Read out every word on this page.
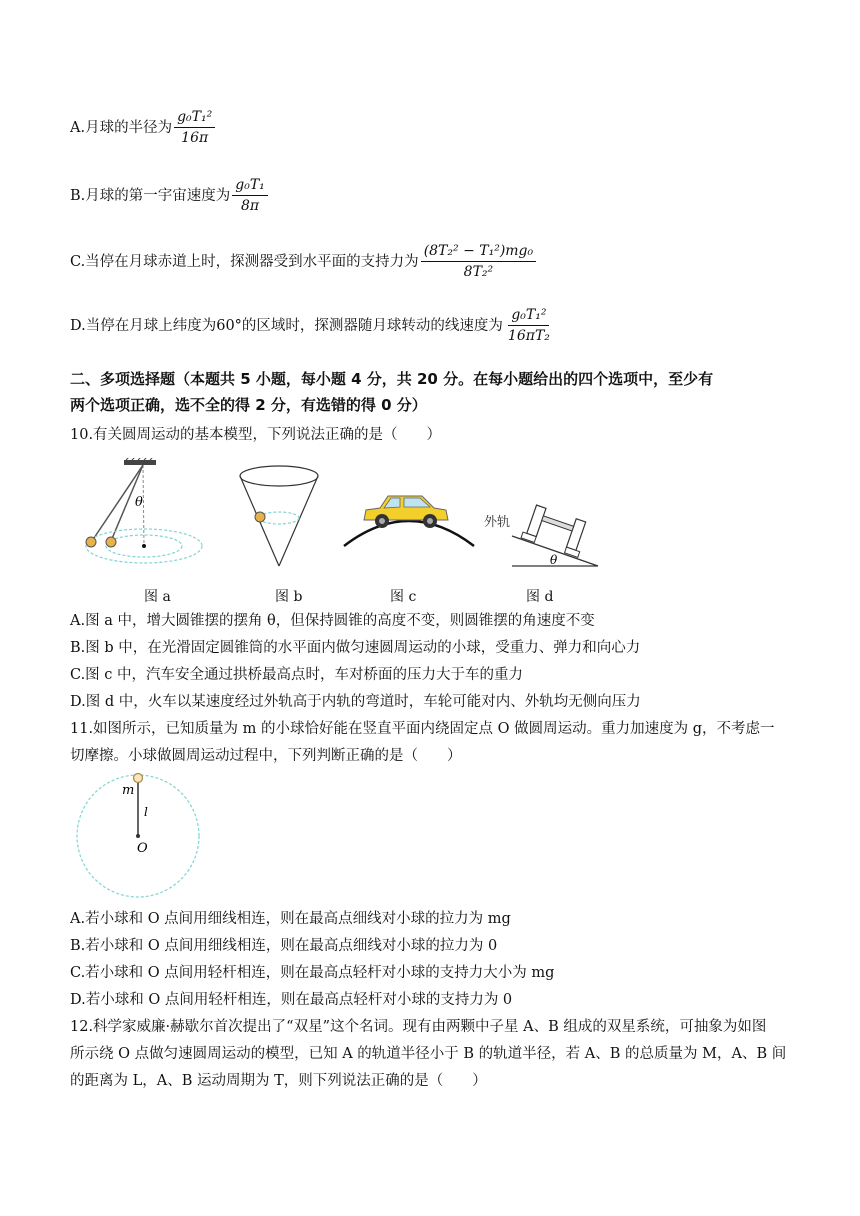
A.月球的半径为 $\frac{\text{g₀T₁²}}{16\pi}$
B.月球的第一宇宙速度为 $\frac{\text{g₀T₁}}{8\pi}$
C.当停在月球赤道上时，探测器受到水平面的支持力为 $\frac{\text{(8T₂² − T₁²)mg₀}}{\text{8T₂²}}$
D.当停在月球上纬度为60°的区域时，探测器随月球转动的线速度为 $\frac{\text{g₀T₁²}}{\text{16πT₂}}$
二、多项选择题（本题共 5 小题，每小题 4 分，共 20 分。在每小题给出的四个选项中，至少有
两个选项正确，选不全的得 2 分，有选错的得 0 分）
10.有关圆周运动的基本模型，下列说法正确的是（　　）
θ
外轨
θ
图 a	图 b	图 c	图 d
A.图 a 中，增大圆锥摆的摆角 θ，但保持圆锥的高度不变，则圆锥摆的角速度不变
B.图 b 中，在光滑固定圆锥筒的水平面内做匀速圆周运动的小球，受重力、弹力和向心力
C.图 c 中，汽车安全通过拱桥最高点时，车对桥面的压力大于车的重力
D.图 d 中，火车以某速度经过外轨高于内轨的弯道时，车轮可能对内、外轨均无侧向压力
11.如图所示，已知质量为 m 的小球恰好能在竖直平面内绕固定点 O 做圆周运动。重力加速度为 g，不考虑一
切摩擦。小球做圆周运动过程中，下列判断正确的是（　　）
m
l
O
A.若小球和 O 点间用细线相连，则在最高点细线对小球的拉力为 mg
B.若小球和 O 点间用细线相连，则在最高点细线对小球的拉力为 0
C.若小球和 O 点间用轻杆相连，则在最高点轻杆对小球的支持力大小为 mg
D.若小球和 O 点间用轻杆相连，则在最高点轻杆对小球的支持力为 0
12.科学家威廉·赫歇尔首次提出了“双星”这个名词。现有由两颗中子星 A、B 组成的双星系统，可抽象为如图
所示绕 O 点做匀速圆周运动的模型，已知 A 的轨道半径小于 B 的轨道半径，若 A、B 的总质量为 M，A、B 间
的距离为 L，A、B 运动周期为 T，则下列说法正确的是（　　）
